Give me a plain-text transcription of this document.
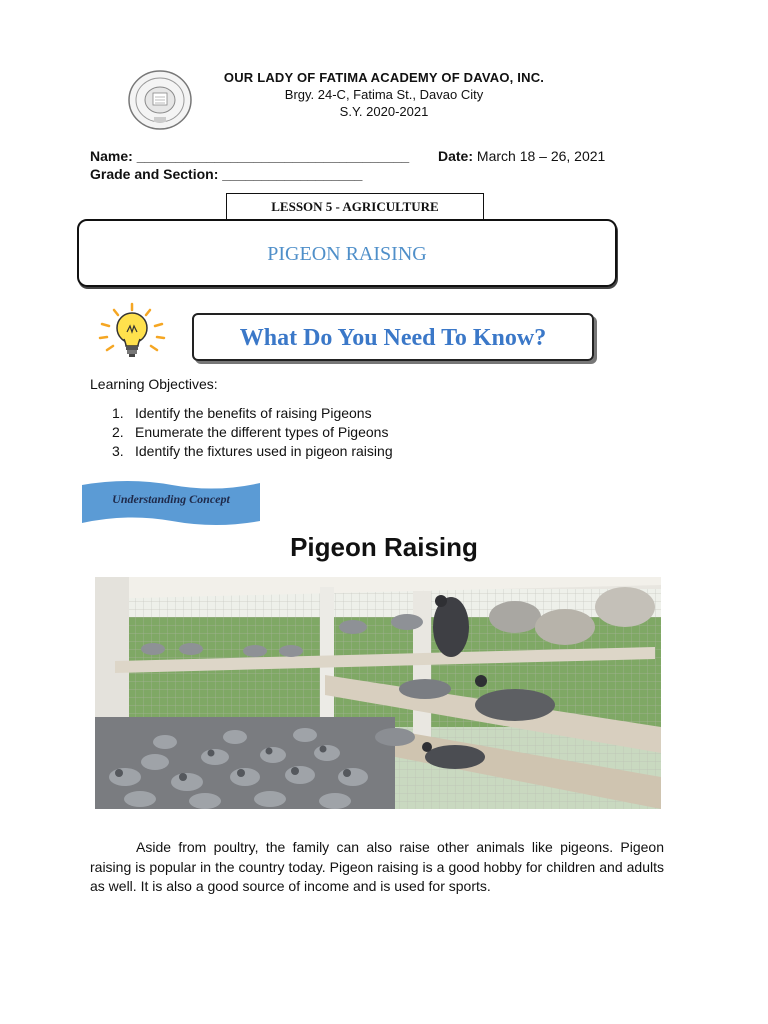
OUR LADY OF FATIMA ACADEMY OF DAVAO, INC.
Brgy. 24-C, Fatima St., Davao City
S.Y. 2020-2021
Name: ___________________________________ Date: March 18 – 26, 2021
Grade and Section: __________________
LESSON 5 - AGRICULTURE
PIGEON RAISING
What Do You Need To Know?
Learning Objectives:
1. Identify the benefits of raising Pigeons
2. Enumerate the different types of Pigeons
3. Identify the fixtures used in pigeon raising
Understanding Concept
Pigeon Raising
Aside from poultry, the family can also raise other animals like pigeons. Pigeon raising is popular in the country today. Pigeon raising is a good hobby for children and adults as well. It is also a good source of income and is used for sports.
